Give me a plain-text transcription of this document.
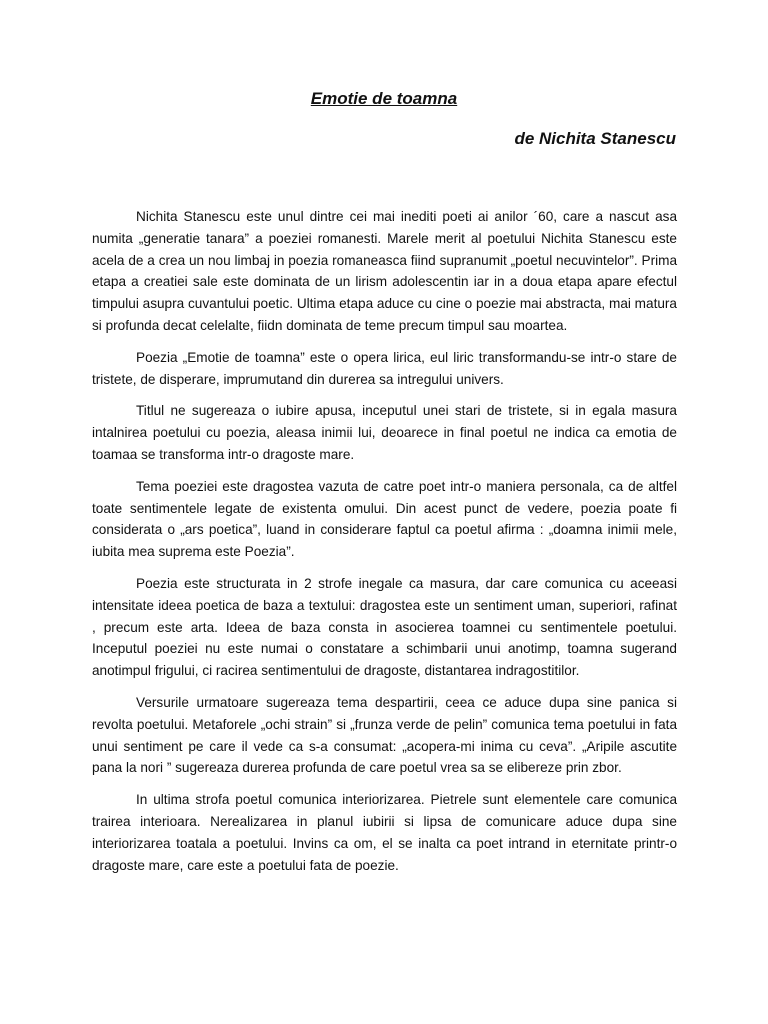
Emotie de toamna
de Nichita Stanescu

Nichita Stanescu este unul dintre cei mai inediti poeti ai anilor ´60, care a nascut asa numita „generatie tanara” a poeziei romanesti. Marele merit al poetului Nichita Stanescu este acela de a crea un nou limbaj in poezia romaneasca fiind supranumit „poetul necuvintelor”. Prima etapa a creatiei sale este dominata de un lirism adolescentin iar in a doua etapa apare efectul timpului asupra cuvantului poetic. Ultima etapa aduce cu cine o poezie mai abstracta, mai matura si profunda decat celelalte, fiidn dominata de teme precum timpul sau moartea.

Poezia „Emotie de toamna” este o opera lirica, eul liric transformandu-se intr-o stare de tristete, de disperare, imprumutand din durerea sa intregului univers.

Titlul ne sugereaza o iubire apusa, inceputul unei stari de tristete, si in egala masura intalnirea poetului cu poezia, aleasa inimii lui, deoarece in final poetul ne indica ca emotia de toamaa se transforma intr-o dragoste mare.

Tema poeziei este dragostea vazuta de catre poet intr-o maniera personala, ca de altfel toate sentimentele legate de existenta omului. Din acest punct de vedere, poezia poate fi considerata o „ars poetica”, luand in considerare faptul ca poetul afirma : „doamna inimii mele, iubita mea suprema este Poezia”.

Poezia este structurata in 2 strofe inegale ca masura, dar care comunica cu aceeasi intensitate ideea poetica de baza a textului: dragostea este un sentiment uman, superiori, rafinat , precum este arta. Ideea de baza consta in asocierea toamnei cu sentimentele poetului. Inceputul poeziei nu este numai o constatare a schimbarii unui anotimp, toamna sugerand anotimpul frigului, ci racirea sentimentului de dragoste, distantarea indragostitilor.

Versurile urmatoare sugereaza tema despartirii, ceea ce aduce dupa sine panica si revolta poetului. Metaforele „ochi strain” si „frunza verde de pelin” comunica tema poetului in fata unui sentiment pe care il vede ca s-a consumat: „acopera-mi inima cu ceva”. „Aripile ascutite pana la nori ” sugereaza durerea profunda de care poetul vrea sa se elibereze prin zbor.

In ultima strofa poetul comunica interiorizarea. Pietrele sunt elementele care comunica trairea interioara. Nerealizarea in planul iubirii si lipsa de comunicare aduce dupa sine interiorizarea toatala a poetului. Invins ca om, el se inalta ca poet intrand in eternitate printr-o dragoste mare, care este a poetului fata de poezie.
